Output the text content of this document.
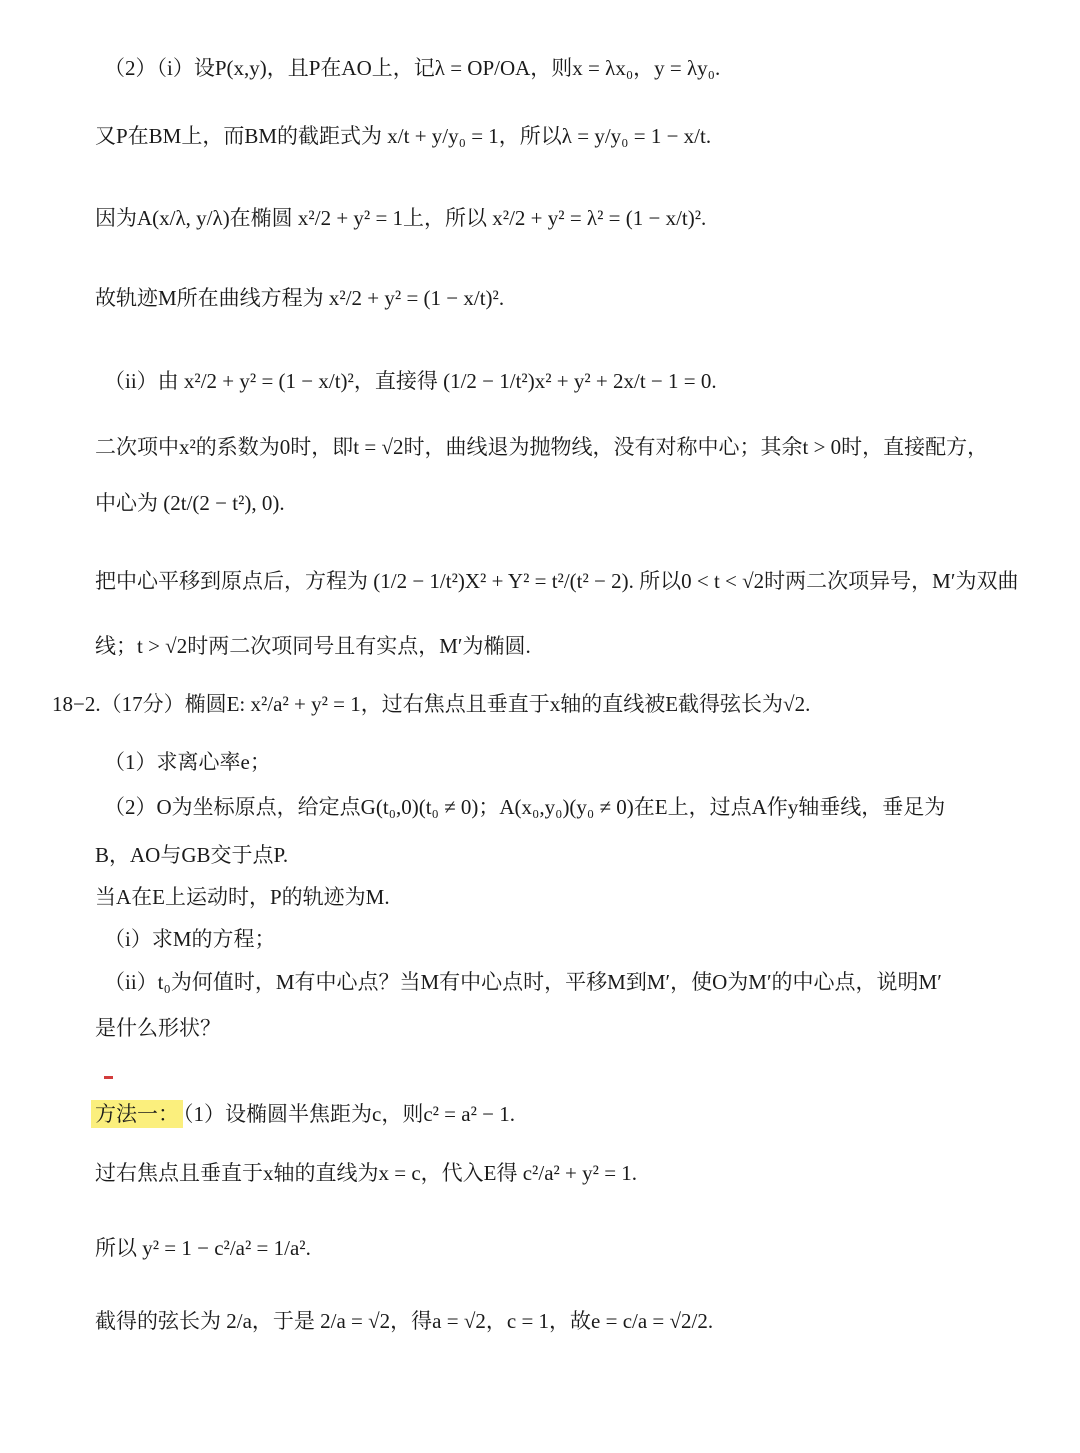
（2）（i）设P(x,y)，且P在AO上，记λ = OP/OA，则x = λx₀，y = λy₀.
又P在BM上，而BM的截距式为 x/t + y/y₀ = 1，所以λ = y/y₀ = 1 − x/t.
因为A(x/λ, y/λ)在椭圆 x²/2 + y² = 1上，所以 x²/2 + y² = λ² = (1 − x/t)².
故轨迹M所在曲线方程为 x²/2 + y² = (1 − x/t)².
（ii）由 x²/2 + y² = (1 − x/t)²，直接得 (1/2 − 1/t²)x² + y² + 2x/t − 1 = 0.
二次项中x²的系数为0时，即t = √2时，曲线退为抛物线，没有对称中心；其余t > 0时，直接配方，
中心为 (2t/(2 − t²), 0).
把中心平移到原点后，方程为 (1/2 − 1/t²)X² + Y² = t²/(t² − 2). 所以0 < t < √2时两二次项异号，M′为双曲
线；t > √2时两二次项同号且有实点，M′为椭圆.
18−2.（17分）椭圆E: x²/a² + y² = 1，过右焦点且垂直于x轴的直线被E截得弦长为√2.
（1）求离心率e；
（2）O为坐标原点，给定点G(t₀,0)(t₀ ≠ 0)；A(x₀,y₀)(y₀ ≠ 0)在E上，过点A作y轴垂线，垂足为
B，AO与GB交于点P.
当A在E上运动时，P的轨迹为M.
（i）求M的方程；
（ii）t₀为何值时，M有中心点？当M有中心点时，平移M到M′，使O为M′的中心点，说明M′
是什么形状？
方法一： （1）设椭圆半焦距为c，则c² = a² − 1.
过右焦点且垂直于x轴的直线为x = c，代入E得 c²/a² + y² = 1.
所以 y² = 1 − c²/a² = 1/a².
截得的弦长为 2/a，于是 2/a = √2，得a = √2，c = 1，故e = c/a = √2/2.
